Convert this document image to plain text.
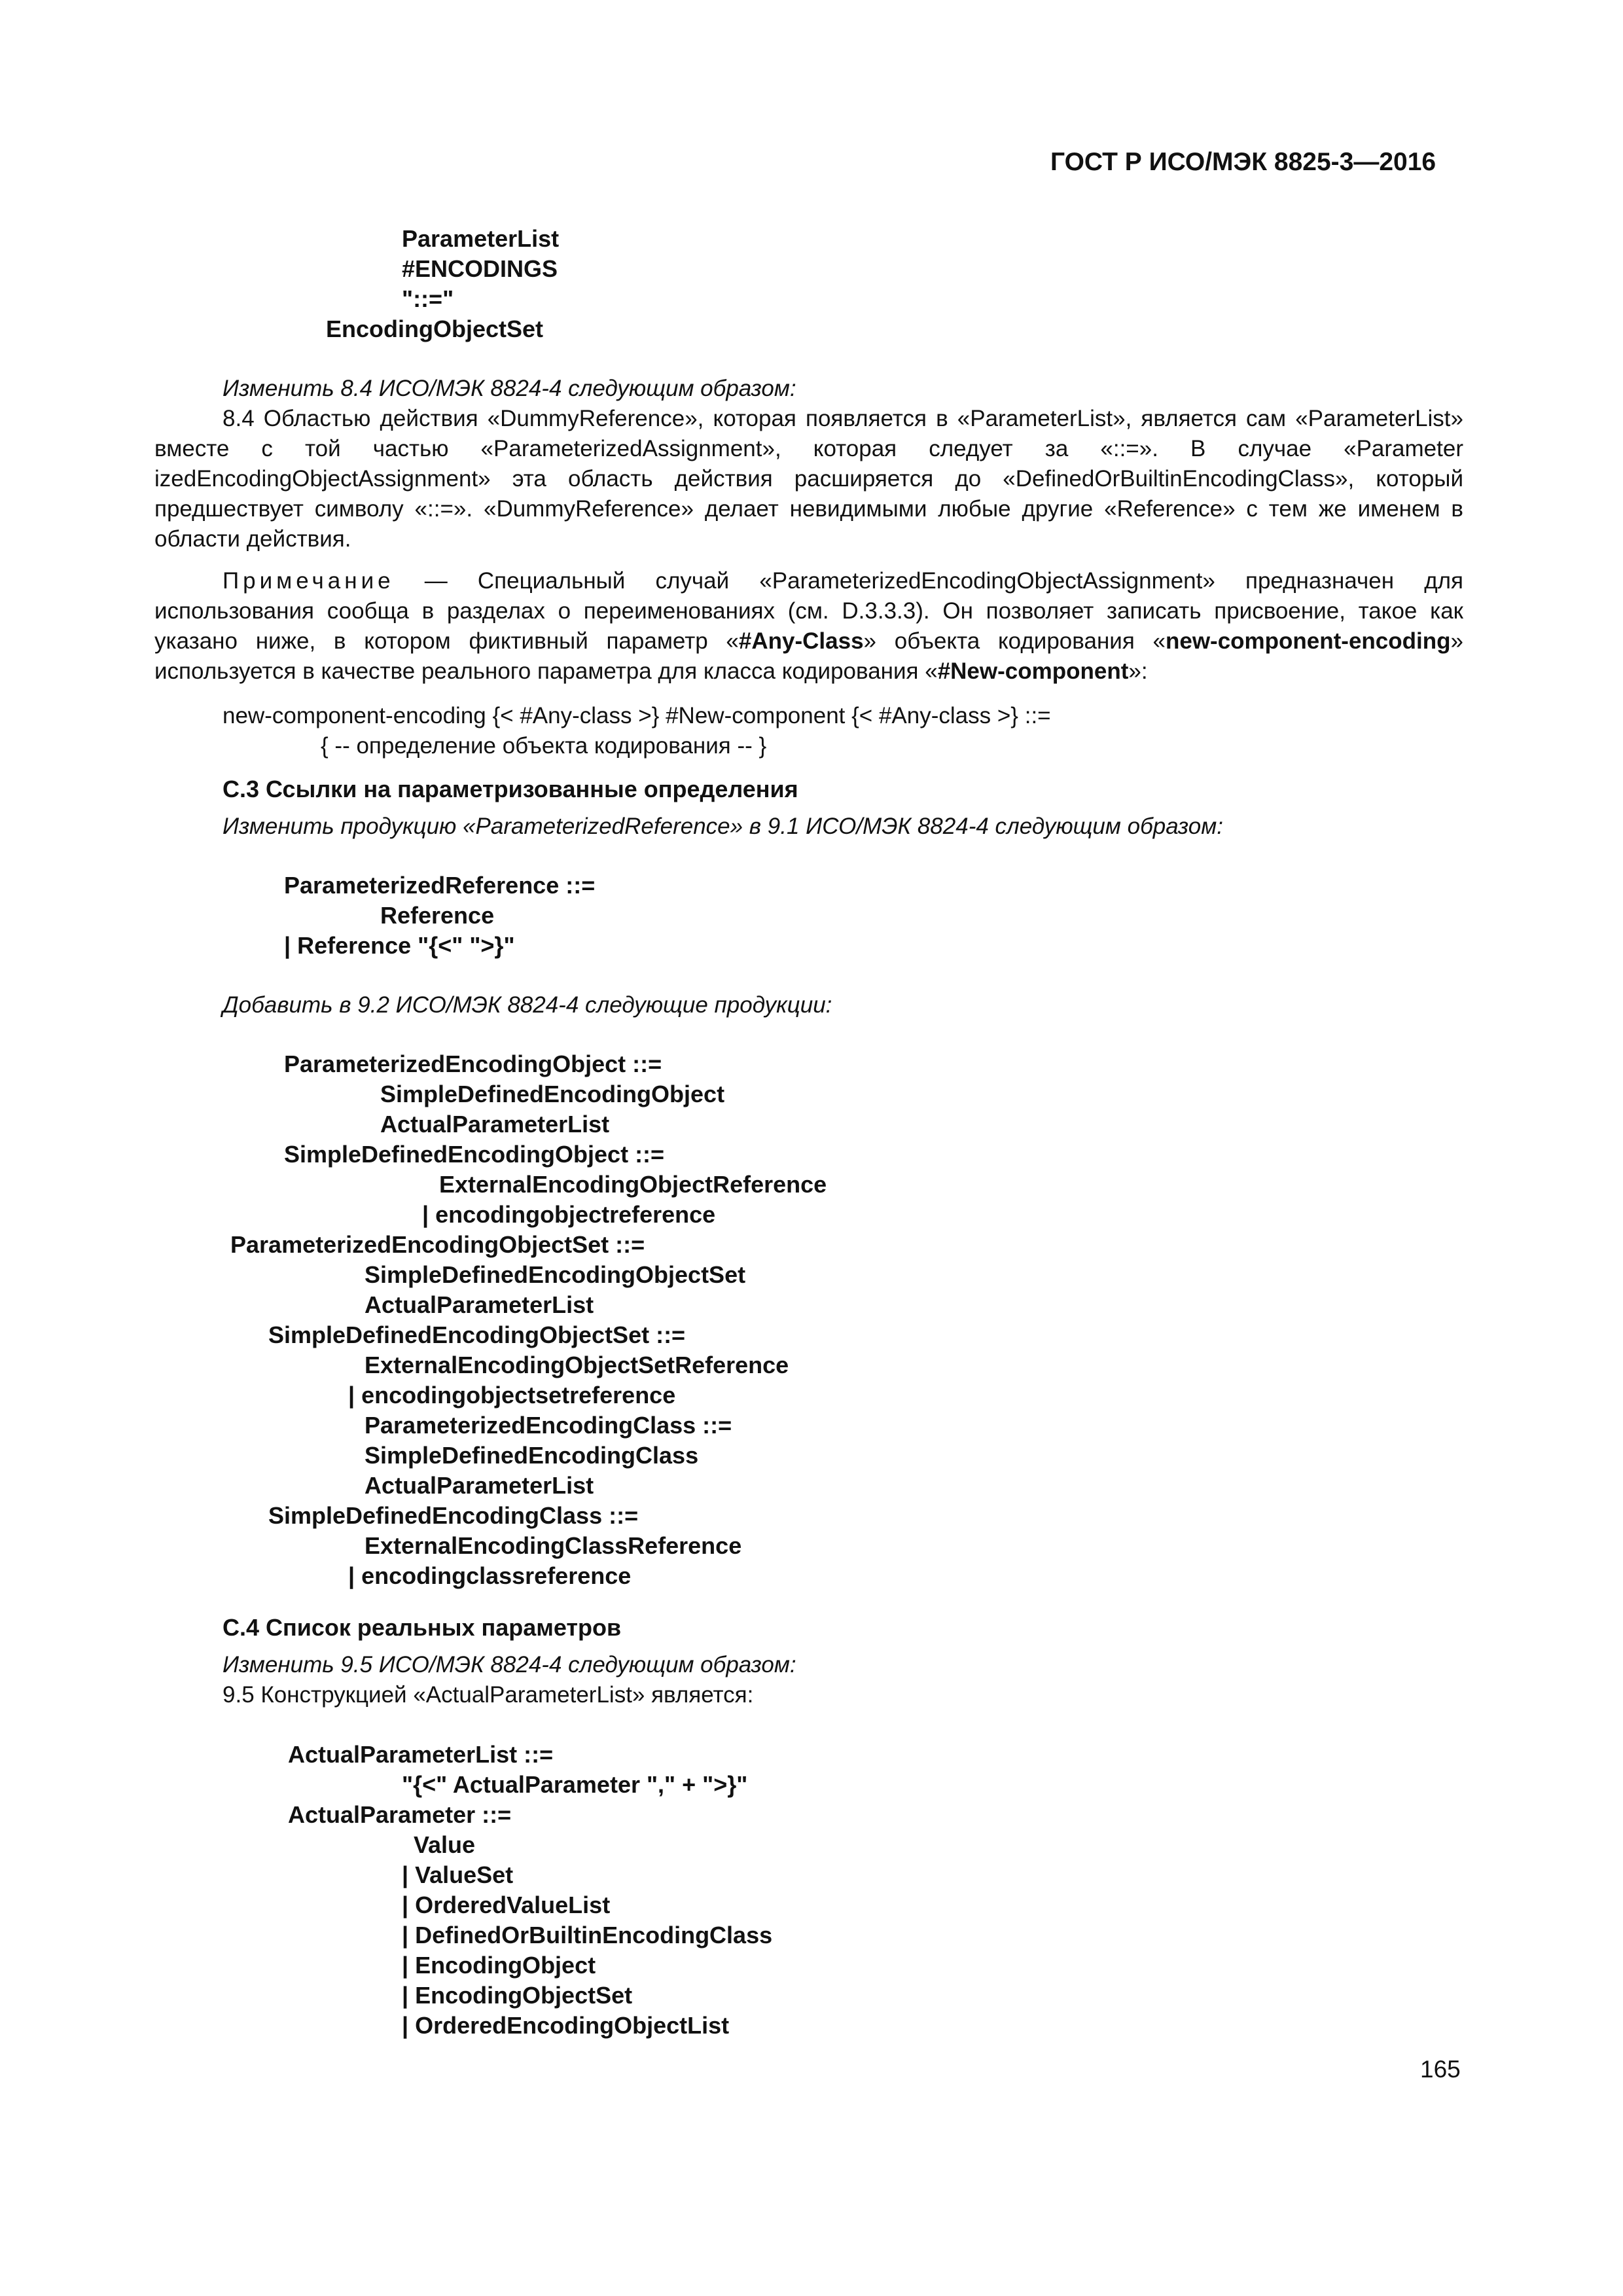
ГОСТ Р ИСО/МЭК 8825-3—2016
ParameterList
#ENCODINGS
"::="
EncodingObjectSet
Изменить 8.4 ИСО/МЭК 8824-4 следующим образом:
8.4 Областью действия «DummyReference», которая появляется в «ParameterList», является сам «ParameterList» вместе с той частью «ParameterizedAssignment», которая следует за «::=». В случае «Parameter izedEncodingObjectAssignment» эта область действия расширяется до «DefinedOrBuiltinEncodingClass», который предшествует символу «::=». «DummyReference» делает невидимыми любые другие «Reference» с тем же именем в области действия.
Примечание — Специальный случай «ParameterizedEncodingObjectAssignment» предназначен для использования сообща в разделах о переименованиях (см. D.3.3.3). Он позволяет записать присвоение, такое как указано ниже, в котором фиктивный параметр «#Any-Class» объекта кодирования «new-component-encoding» используется в качестве реального параметра для класса кодирования «#New-component»:
new-component-encoding {< #Any-class >} #New-component {< #Any-class >} ::=
{ -- определение объекта кодирования -- }
С.3 Ссылки на параметризованные определения
Изменить продукцию «ParameterizedReference» в 9.1 ИСО/МЭК 8824-4 следующим образом:
ParameterizedReference ::=
Reference
| Reference "{<" ">}"
Добавить в 9.2 ИСО/МЭК 8824-4 следующие продукции:
ParameterizedEncodingObject ::=
SimpleDefinedEncodingObject
ActualParameterList
SimpleDefinedEncodingObject ::=
ExternalEncodingObjectReference
| encodingobjectreference
ParameterizedEncodingObjectSet ::=
SimpleDefinedEncodingObjectSet
ActualParameterList
SimpleDefinedEncodingObjectSet ::=
ExternalEncodingObjectSetReference
| encodingobjectsetreference
ParameterizedEncodingClass ::=
SimpleDefinedEncodingClass
ActualParameterList
SimpleDefinedEncodingClass ::=
ExternalEncodingClassReference
| encodingclassreference
С.4 Список реальных параметров
Изменить 9.5 ИСО/МЭК 8824-4 следующим образом:
9.5 Конструкцией «ActualParameterList» является:
ActualParameterList ::=
"{<" ActualParameter "," + ">}"
ActualParameter ::=
Value
| ValueSet
| OrderedValueList
| DefinedOrBuiltinEncodingClass
| EncodingObject
| EncodingObjectSet
| OrderedEncodingObjectList
165
